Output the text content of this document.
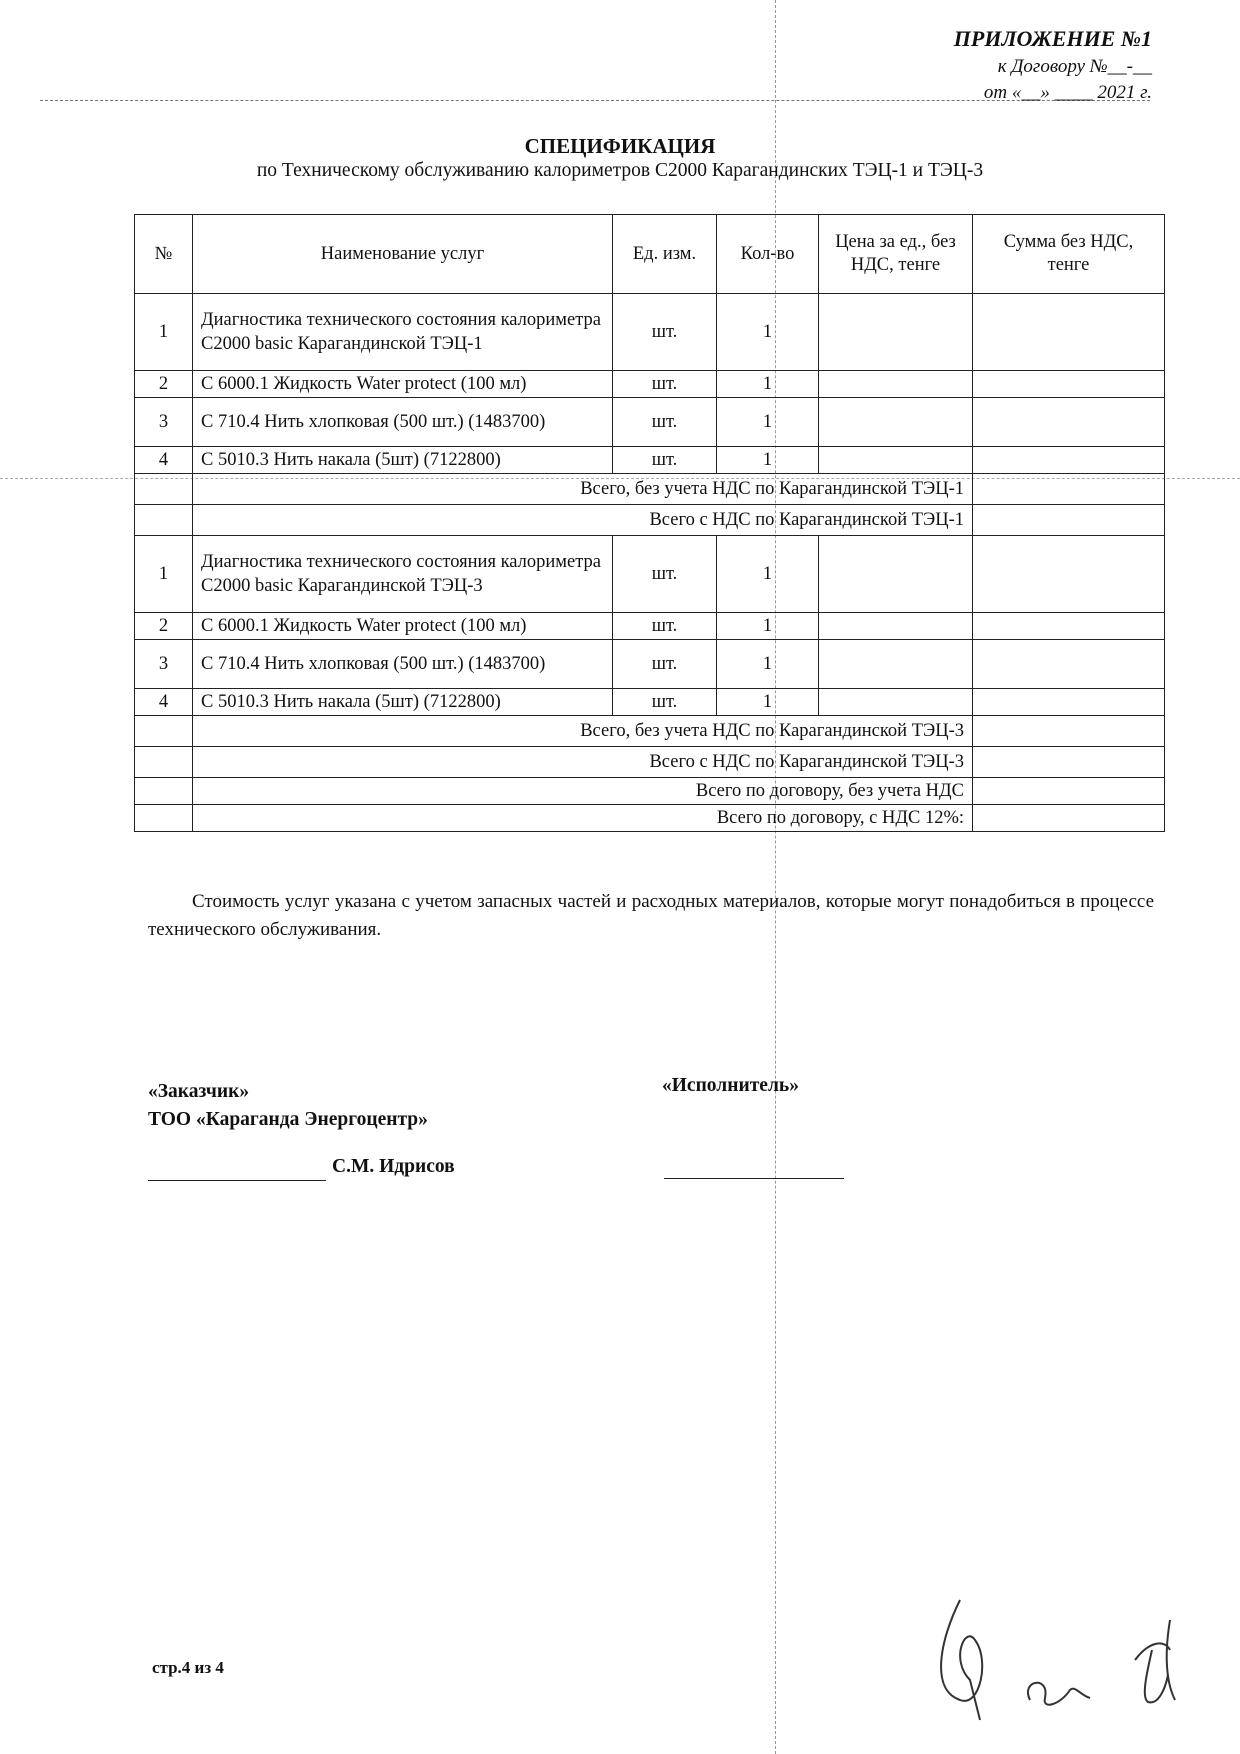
ПРИЛОЖЕНИЕ №1
к Договору №__-__
от «__» ____ 2021 г.
СПЕЦИФИКАЦИЯ
по Техническому обслуживанию калориметров С2000 Карагандинских ТЭЦ-1 и ТЭЦ-3
№	Наименование услуг	Ед. изм.	Кол-во	Цена за ед., без НДС, тенге	Сумма без НДС, тенге
1	Диагностика технического состояния калориметра С2000 basic Карагандинской ТЭЦ-1	шт.	1		
2	С 6000.1 Жидкость Water protect (100 мл)	шт.	1		
3	С 710.4 Нить хлопковая (500 шт.) (1483700)	шт.	1		
4	С 5010.3 Нить накала (5шт) (7122800)	шт.	1		
	Всего, без учета НДС по Карагандинской ТЭЦ-1				
	Всего с НДС по Карагандинской ТЭЦ-1				
1	Диагностика технического состояния калориметра С2000 basic Карагандинской ТЭЦ-3	шт.	1		
2	С 6000.1 Жидкость Water protect (100 мл)	шт.	1		
3	С 710.4 Нить хлопковая (500 шт.) (1483700)	шт.	1		
4	С 5010.3 Нить накала (5шт) (7122800)	шт.	1		
	Всего, без учета НДС по Карагандинской ТЭЦ-3				
	Всего с НДС по Карагандинской ТЭЦ-3				
	Всего по договору, без учета НДС				
	Всего по договору, с НДС 12%:				
Стоимость услуг указана с учетом запасных частей и расходных материалов, которые могут понадобиться в процессе технического обслуживания.
«Заказчик»
ТОО «Караганда Энергоцентр»
«Исполнитель»
С.М. Идрисов
стр.4 из 4
